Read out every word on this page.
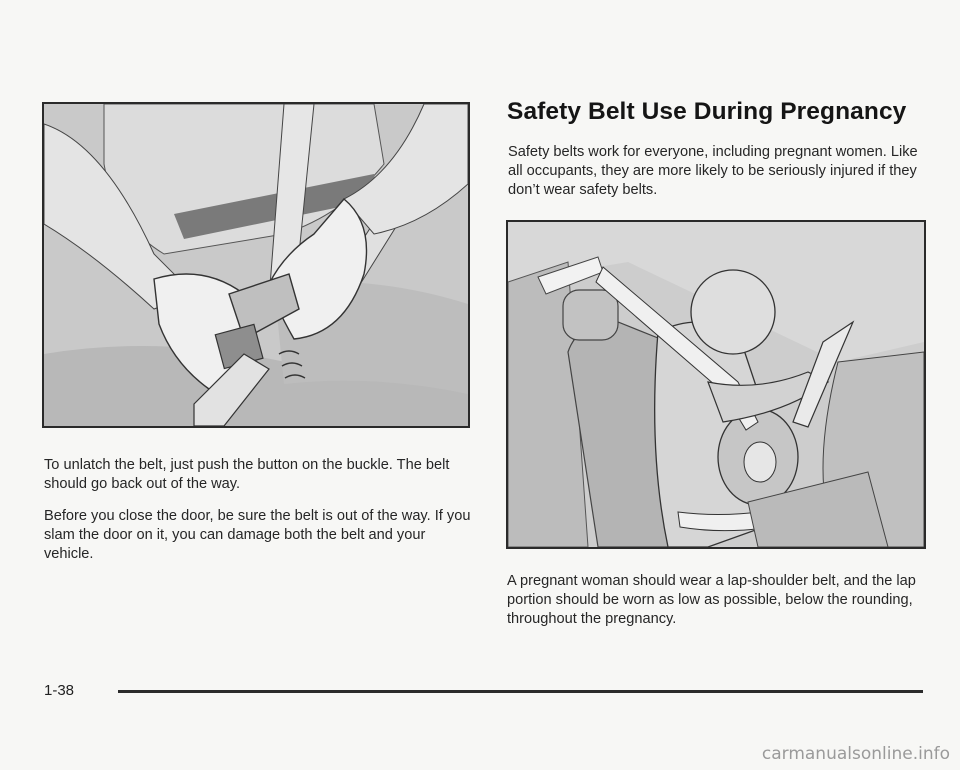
Safety Belt Use During Pregnancy

Safety belts work for everyone, including pregnant women. Like all occupants, they are more likely to be seriously injured if they don’t wear safety belts.

To unlatch the belt, just push the button on the buckle. The belt should go back out of the way.

Before you close the door, be sure the belt is out of the way. If you slam the door on it, you can damage both the belt and your vehicle.

A pregnant woman should wear a lap-shoulder belt, and the lap portion should be worn as low as possible, below the rounding, throughout the pregnancy.

1-38
carmanualsonline.info
